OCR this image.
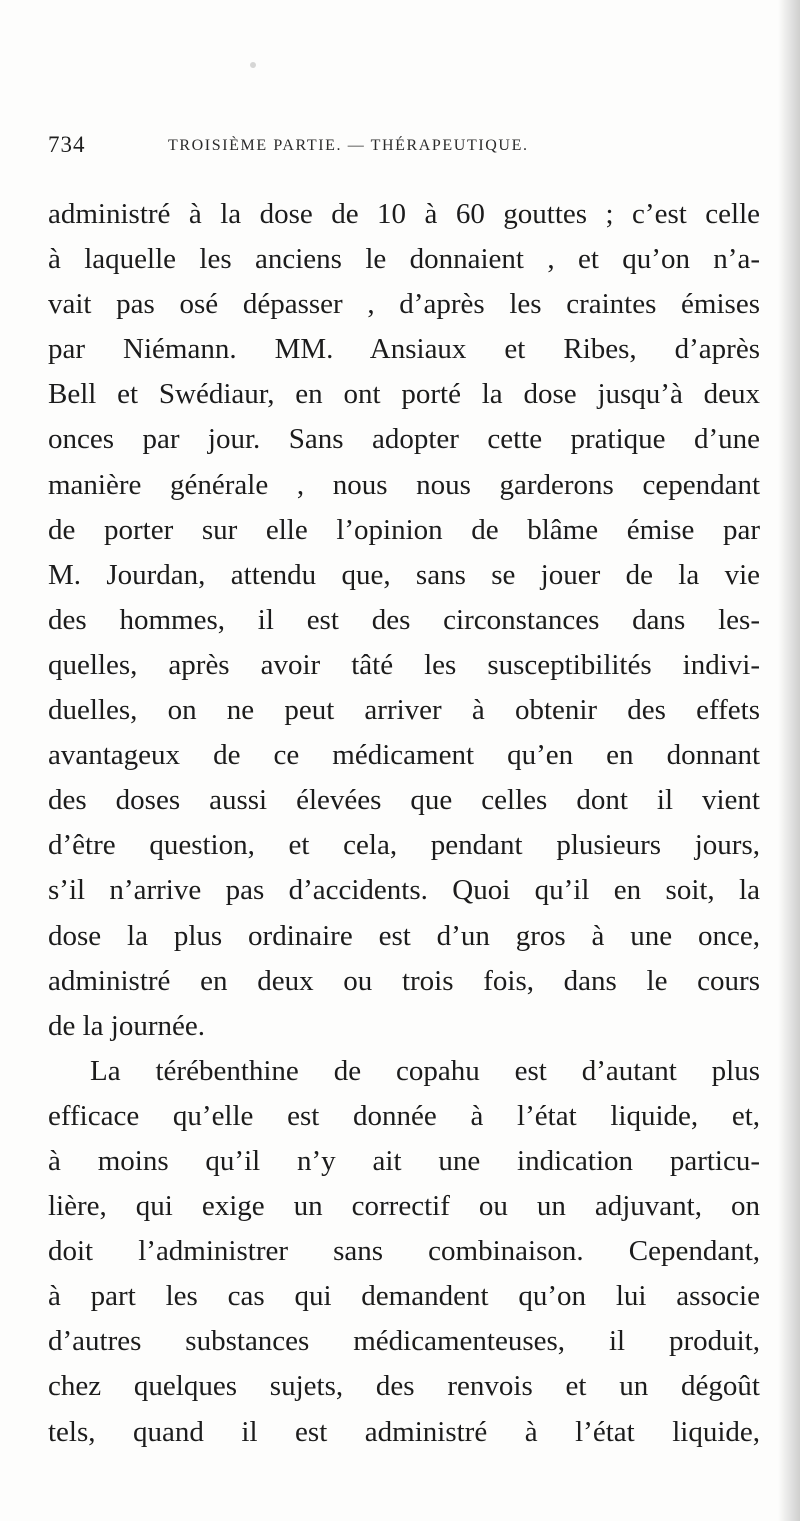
734	TROISIÈME PARTIE. — THÉRAPEUTIQUE.
administré à la dose de 10 à 60 gouttes ; c’est celle
à laquelle les anciens le donnaient , et qu’on n’a-
vait pas osé dépasser , d’après les craintes émises
par Niémann. MM. Ansiaux et Ribes, d’après
Bell et Swédiaur, en ont porté la dose jusqu’à deux
onces par jour. Sans adopter cette pratique d’une
manière générale , nous nous garderons cependant
de porter sur elle l’opinion de blâme émise par
M. Jourdan, attendu que, sans se jouer de la vie
des hommes, il est des circonstances dans les-
quelles, après avoir tâté les susceptibilités indivi-
duelles, on ne peut arriver à obtenir des effets
avantageux de ce médicament qu’en en donnant
des doses aussi élevées que celles dont il vient
d’être question, et cela, pendant plusieurs jours,
s’il n’arrive pas d’accidents. Quoi qu’il en soit, la
dose la plus ordinaire est d’un gros à une once,
administré en deux ou trois fois, dans le cours
de la journée.
La térébenthine de copahu est d’autant plus
efficace qu’elle est donnée à l’état liquide, et,
à moins qu’il n’y ait une indication particu-
lière, qui exige un correctif ou un adjuvant, on
doit l’administrer sans combinaison. Cependant,
à part les cas qui demandent qu’on lui associe
d’autres substances médicamenteuses, il produit,
chez quelques sujets, des renvois et un dégoût
tels, quand il est administré à l’état liquide,
